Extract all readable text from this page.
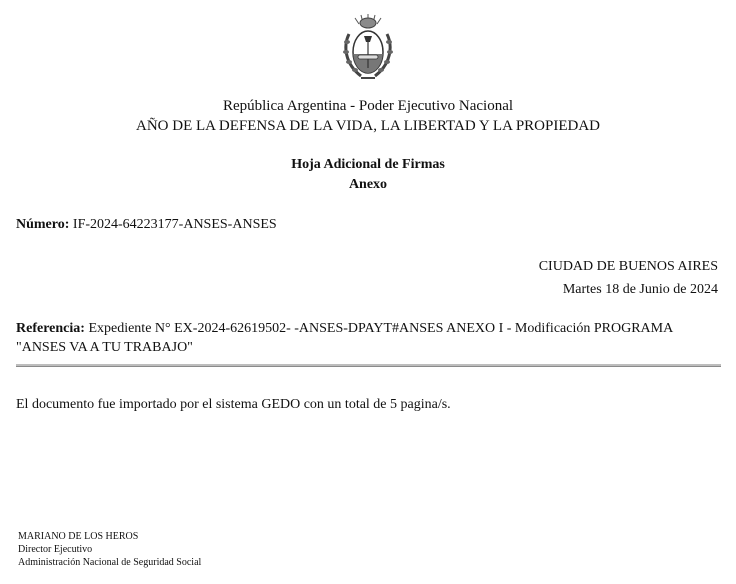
República Argentina - Poder Ejecutivo Nacional
AÑO DE LA DEFENSA DE LA VIDA, LA LIBERTAD Y LA PROPIEDAD
Hoja Adicional de Firmas
Anexo
Número: IF-2024-64223177-ANSES-ANSES
CIUDAD DE BUENOS AIRES
Martes 18 de Junio de 2024
Referencia: Expediente N° EX-2024-62619502- -ANSES-DPAYT#ANSES ANEXO I - Modificación PROGRAMA "ANSES VA A TU TRABAJO"
El documento fue importado por el sistema GEDO con un total de 5 pagina/s.
MARIANO DE LOS HEROS
Director Ejecutivo
Administración Nacional de Seguridad Social
